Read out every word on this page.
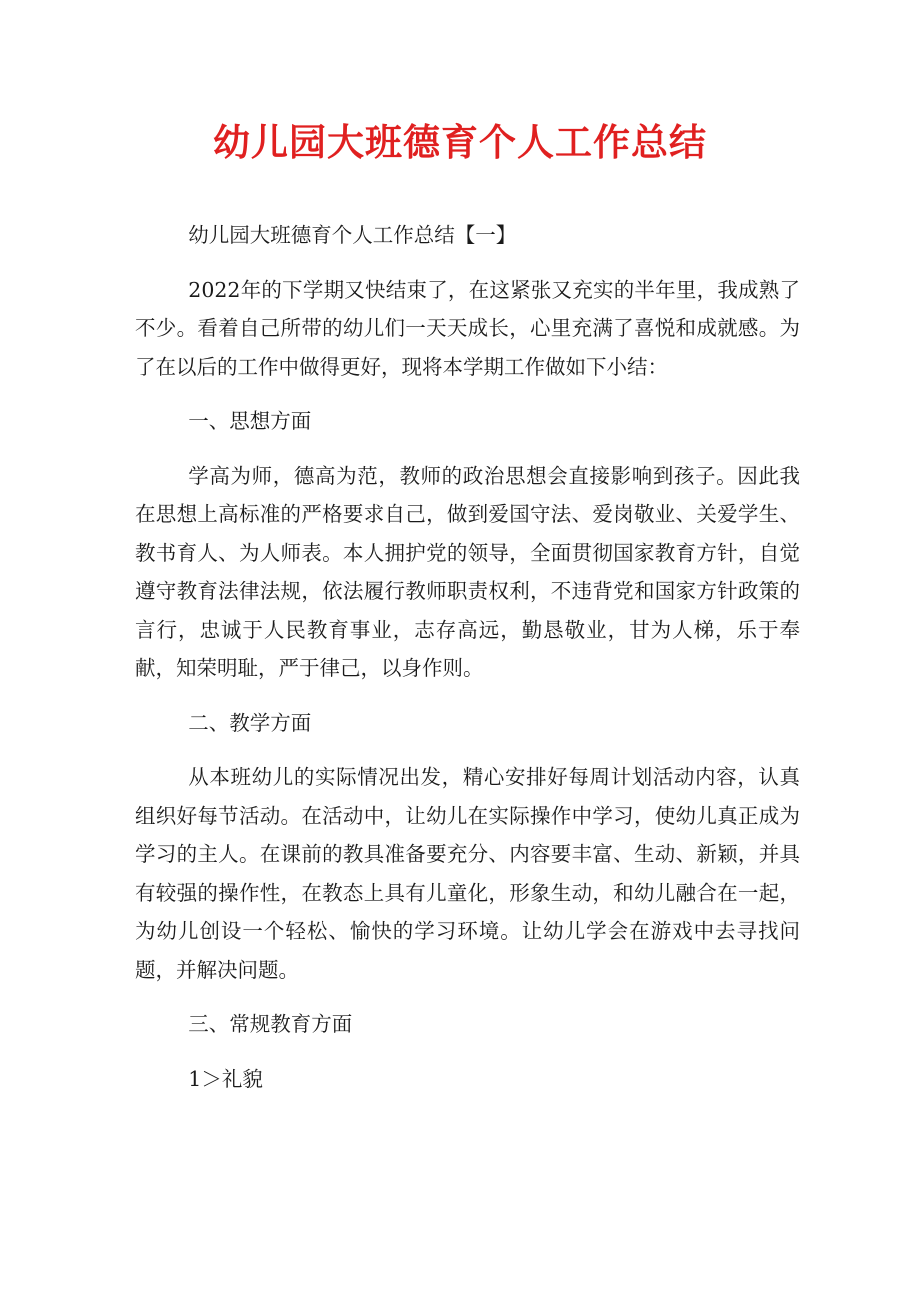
幼儿园大班德育个人工作总结

幼儿园大班德育个人工作总结【一】

2022年的下学期又快结束了，在这紧张又充实的半年里，我成熟了不少。看着自己所带的幼儿们一天天成长，心里充满了喜悦和成就感。为了在以后的工作中做得更好，现将本学期工作做如下小结：

一、思想方面

学高为师，德高为范，教师的政治思想会直接影响到孩子。因此我在思想上高标准的严格要求自己，做到爱国守法、爱岗敬业、关爱学生、教书育人、为人师表。本人拥护党的领导，全面贯彻国家教育方针，自觉遵守教育法律法规，依法履行教师职责权利，不违背党和国家方针政策的言行，忠诚于人民教育事业，志存高远，勤恳敬业，甘为人梯，乐于奉献，知荣明耻，严于律己，以身作则。

二、教学方面

从本班幼儿的实际情况出发，精心安排好每周计划活动内容，认真组织好每节活动。在活动中，让幼儿在实际操作中学习，使幼儿真正成为学习的主人。在课前的教具准备要充分、内容要丰富、生动、新颖，并具有较强的操作性，在教态上具有儿童化，形象生动，和幼儿融合在一起，为幼儿创设一个轻松、愉快的学习环境。让幼儿学会在游戏中去寻找问题，并解决问题。

三、常规教育方面

1＞礼貌
